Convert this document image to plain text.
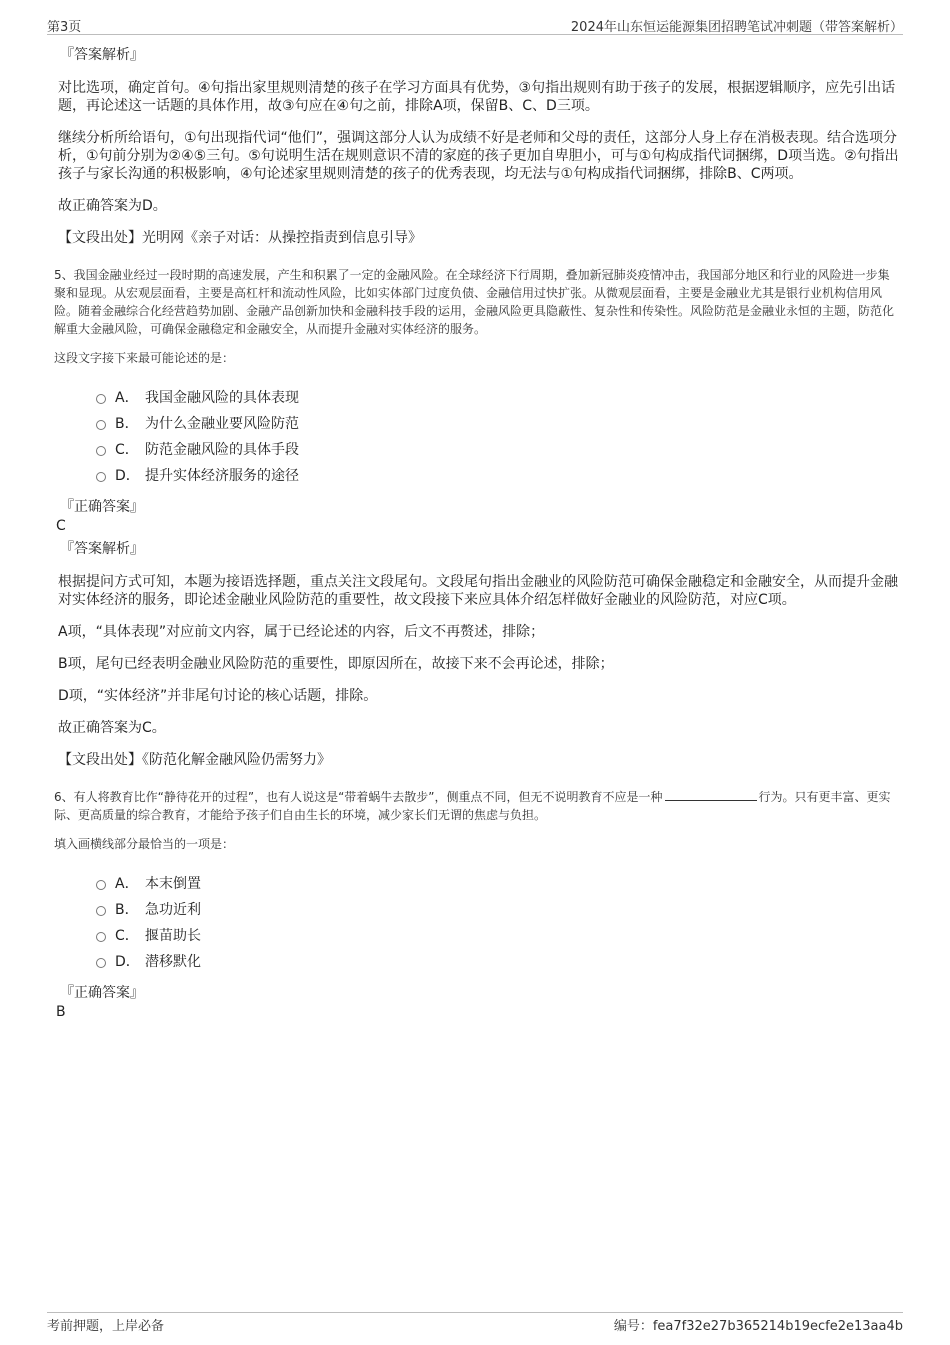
第3页	2024年山东恒运能源集团招聘笔试冲刺题（带答案解析）
『答案解析』

对比选项，确定首句。④句指出家里规则清楚的孩子在学习方面具有优势，③句指出规则有助于孩子的发展，根据逻辑顺序，应先引出话题，再论述这一话题的具体作用，故③句应在④句之前，排除A项，保留B、C、D三项。

继续分析所给语句，①句出现指代词“他们”，强调这部分人认为成绩不好是老师和父母的责任，这部分人身上存在消极表现。结合选项分析，①句前分别为②④⑤三句。⑤句说明生活在规则意识不清的家庭的孩子更加自卑胆小，可与①句构成指代词捆绑，D项当选。②句指出孩子与家长沟通的积极影响，④句论述家里规则清楚的孩子的优秀表现，均无法与①句构成指代词捆绑，排除B、C两项。

故正确答案为D。

【文段出处】光明网《亲子对话：从操控指责到信息引导》

5、我国金融业经过一段时期的高速发展，产生和积累了一定的金融风险。在全球经济下行周期，叠加新冠肺炎疫情冲击，我国部分地区和行业的风险进一步集聚和显现。从宏观层面看，主要是高杠杆和流动性风险，比如实体部门过度负债、金融信用过快扩张。从微观层面看，主要是金融业尤其是银行业机构信用风险。随着金融综合化经营趋势加剧、金融产品创新加快和金融科技手段的运用，金融风险更具隐蔽性、复杂性和传染性。风险防范是金融业永恒的主题，防范化解重大金融风险，可确保金融稳定和金融安全，从而提升金融对实体经济的服务。

这段文字接下来最可能论述的是：

A． 我国金融风险的具体表现
B． 为什么金融业要风险防范
C． 防范金融风险的具体手段
D． 提升实体经济服务的途径
『正确答案』
C
『答案解析』

根据提问方式可知，本题为接语选择题，重点关注文段尾句。文段尾句指出金融业的风险防范可确保金融稳定和金融安全，从而提升金融对实体经济的服务，即论述金融业风险防范的重要性，故文段接下来应具体介绍怎样做好金融业的风险防范，对应C项。

A项，“具体表现”对应前文内容，属于已经论述的内容，后文不再赘述，排除；

B项，尾句已经表明金融业风险防范的重要性，即原因所在，故接下来不会再论述，排除；

D项，“实体经济”并非尾句讨论的核心话题，排除。

故正确答案为C。

【文段出处】《防范化解金融风险仍需努力》

6、有人将教育比作“静待花开的过程”，也有人说这是“带着蜗牛去散步”，侧重点不同，但无不说明教育不应是一种	行为。只有更丰富、更实际、更高质量的综合教育，才能给予孩子们自由生长的环境，减少家长们无谓的焦虑与负担。

填入画横线部分最恰当的一项是：

A． 本末倒置
B． 急功近利
C． 揠苗助长
D． 潜移默化
『正确答案』
B
考前押题，上岸必备	编号：fea7f32e27b365214b19ecfe2e13aa4b
